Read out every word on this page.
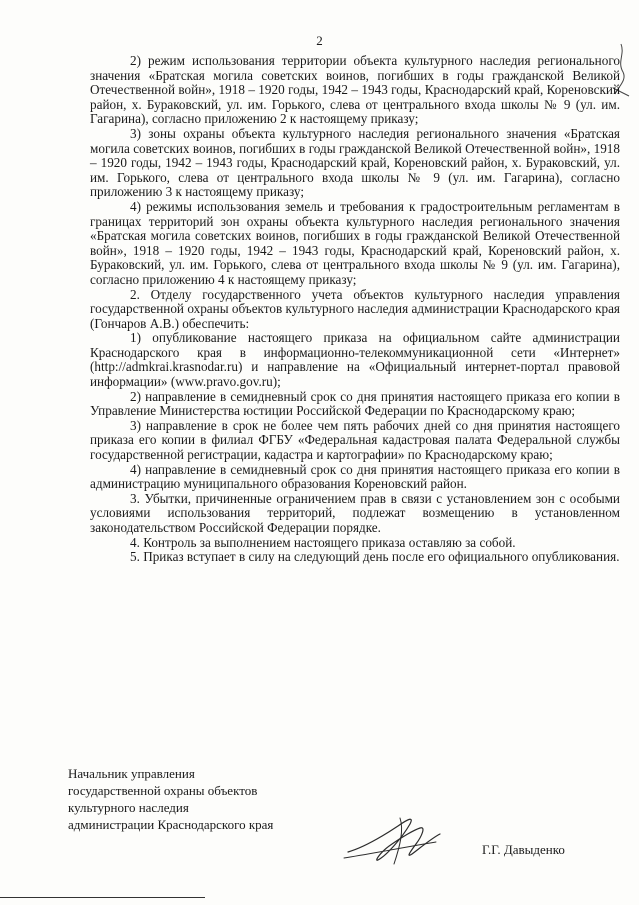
2

2) режим использования территории объекта культурного наследия регионального значения «Братская могила советских воинов, погибших в годы гражданской Великой Отечественной войн», 1918 – 1920 годы, 1942 – 1943 годы, Краснодарский край, Кореновский район, х. Бураковский, ул. им. Горького, слева от центрального входа школы № 9 (ул. им. Гагарина), согласно приложению 2 к настоящему приказу;

3) зоны охраны объекта культурного наследия регионального значения «Братская могила советских воинов, погибших в годы гражданской Великой Отечественной войн», 1918 – 1920 годы, 1942 – 1943 годы, Краснодарский край, Кореновский район, х. Бураковский, ул. им. Горького, слева от центрального входа школы № 9 (ул. им. Гагарина), согласно приложению 3 к настоящему приказу;

4) режимы использования земель и требования к градостроительным регламентам в границах территорий зон охраны объекта культурного наследия регионального значения «Братская могила советских воинов, погибших в годы гражданской Великой Отечественной войн», 1918 – 1920 годы, 1942 – 1943 годы, Краснодарский край, Кореновский район, х. Бураковский, ул. им. Горького, слева от центрального входа школы № 9 (ул. им. Гагарина), согласно приложению 4 к настоящему приказу;

2. Отделу государственного учета объектов культурного наследия управления государственной охраны объектов культурного наследия администрации Краснодарского края (Гончаров А.В.) обеспечить:

1) опубликование настоящего приказа на официальном сайте администрации Краснодарского края в информационно-телекоммуникационной сети «Интернет» (http://admkrai.krasnodar.ru) и направление на «Официальный интернет-портал правовой информации» (www.pravo.gov.ru);

2) направление в семидневный срок со дня принятия настоящего приказа его копии в Управление Министерства юстиции Российской Федерации по Краснодарскому краю;

3) направление в срок не более чем пять рабочих дней со дня принятия настоящего приказа его копии в филиал ФГБУ «Федеральная кадастровая палата Федеральной службы государственной регистрации, кадастра и картографии» по Краснодарскому краю;

4) направление в семидневный срок со дня принятия настоящего приказа его копии в администрацию муниципального образования Кореновский район.

3. Убытки, причиненные ограничением прав в связи с установлением зон с особыми условиями использования территорий, подлежат возмещению в установленном законодательством Российской Федерации порядке.

4. Контроль за выполнением настоящего приказа оставляю за собой.

5. Приказ вступает в силу на следующий день после его официального опубликования.

Начальник управления
государственной охраны объектов
культурного наследия
администрации Краснодарского края
Г.Г. Давыденко
